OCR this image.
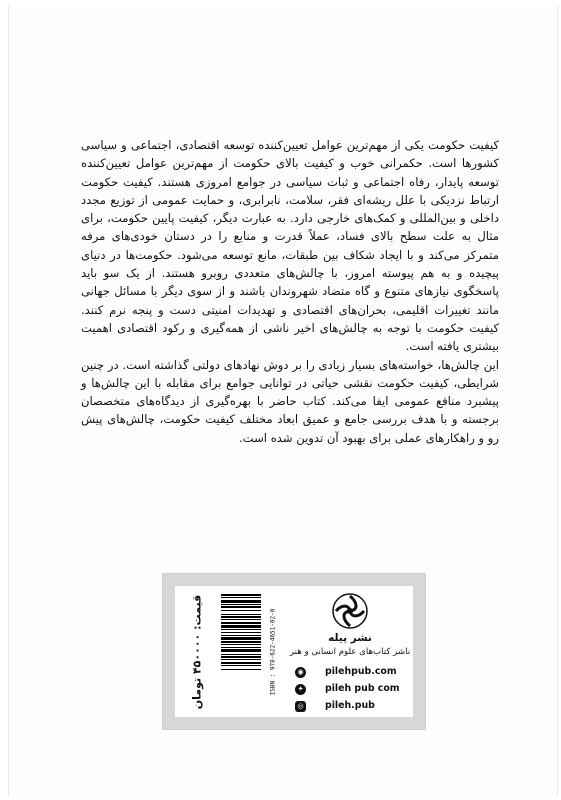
کیفیت حکومت یکی از مهم‌ترین عوامل تعیین‌کننده توسعه اقتصادی، اجتماعی و سیاسی کشورها است. حکمرانی خوب و کیفیت بالای حکومت از مهم‌ترین عوامل تعیین‌کننده توسعه پایدار، رفاه اجتماعی و ثبات سیاسی در جوامع امروزی هستند. کیفیت حکومت ارتباط نزدیکی با علل ریشه‌ای فقر، سلامت، نابرابری، و حمایت عمومی از توزیع مجدد داخلی و بین‌المللی و کمک‌های خارجی دارد. به عبارت دیگر، کیفیت پایین حکومت، برای مثال به علت سطح بالای فساد، عملاً قدرت و منابع را در دستان خودی‌های مرفه متمرکز می‌کند و با ایجاد شکاف بین طبقات، مانع توسعه می‌شود. حکومت‌ها در دنیای پیچیده و به هم پیوسته امروز، با چالش‌های متعددی روبرو هستند. از یک سو باید پاسخگوی نیازهای متنوع و گاه متضاد شهروندان باشند و از سوی دیگر با مسائل جهانی مانند تغییرات اقلیمی، بحران‌های اقتصادی و تهدیدات امنیتی دست و پنجه نرم کنند. کیفیت حکومت با توجه به چالش‌های اخیر ناشی از همه‌گیری و رکود اقتصادی اهمیت بیشتری یافته است.

این چالش‌ها، خواسته‌های بسیار زیادی را بر دوش نهادهای دولتی گذاشته است. در چنین شرایطی، کیفیت حکومت نقشی حیاتی در توانایی جوامع برای مقابله با این چالش‌ها و پیشبرد منافع عمومی ایفا می‌کند. کتاب حاضر با بهره‌گیری از دیدگاه‌های متخصصان برجسته و با هدف بررسی جامع و عمیق ابعاد مختلف کیفیت حکومت، چالش‌های پیش رو و راهکارهای عملی برای بهبود آن تدوین شده است.

قیمت: ۴۵۰۰۰۰ تومان	ISBN : 978-622-4651-02-0	نشر پیله
ناشر کتاب‌های علوم انسانی و هنر
◉ pilehpub.com
✦ pileh pub com
◎ pileh.pub
